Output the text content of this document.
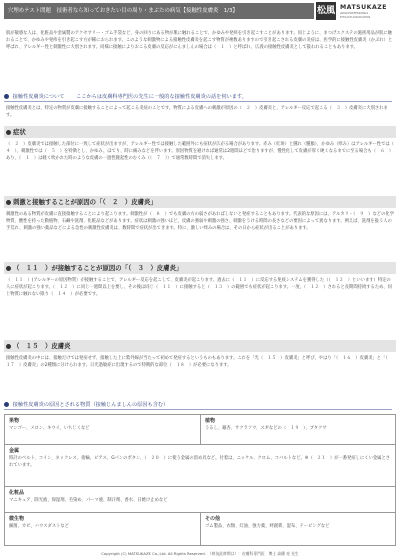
穴埋めテスト問題 技術者なら知っておきたい目の周り・まぶたの病気【接触性皮膚炎　1/3】	松風 MATSUKAZE
JAPAN PROFESSIONAL
EYELASH ASSOCIATION
肌が敏感な人は、化粧品や金属製のアクセサリー・ゴム手袋など、身の回りにある物が肌に触れることで、かゆみや発疹を引き起こすことがあります。同じように、まつげエクステの施術用品が肌に触れることで、かゆみや発疹を引き起こす方が稀におられます。このような刺激物による接触性皮膚炎を起こす物質が複数ありますので引き起こされる皮膚の炎症は、医学的に接触性皮膚炎（かぶれ）と呼ばれ、アレルギー性と刺激性に大別されます。同様に接触によりおこる皮膚の反応がにんましんの場合は（　１　）と呼ばれ、広義の接触性皮膚炎として扱われることもあります。
接触性皮膚炎について ここからは皮膚科専門医の先生に一般的な接触性皮膚炎の話を伺います。
接触性皮膚炎とは、特定の物質が皮膚に接触することによって起こる炎症のことです。物質による皮膚への刺激が原因の（　２　）皮膚炎と、アレルギー反応で起こる（　３　）皮膚炎に大別されます。
症状
（　２　）皮膚炎では接触した部位に一致して症状が出ますが、アレルギー性では接触した範囲外にも症状が広がる場合があります。赤み（紅斑）と腫れ（腫脹）、かゆみ（痒み）はアレルギー性では（　４　）、刺激性では（　５　）を特徴とし、かゆみ、ほてり、時に痛みなどを伴います。原因物質を避ければ通常は2週間ほどで治りますが、慢性化して皮膚が厚く硬くなるまでに至る場合も（　６　）あり、（　１　）は軽く吹かれた時のような皮膚の一過性隆起性のむくみ（（　７　））で通常数時間で消失します。
刺激と接触することが原因の「（　２　）皮膚炎」
刺激性のある物質が皮膚に直接接触することにより起こります。刺激性が（　８　）でも皮膚の方の弱さがあればしないと発症することもあります。代表的な原因には、アルカリ・（　９　）などの化学物質、酸性を持った動植物、石鹸や洗剤、化粧品などがあります。症状は刺激の強いほど、皮膚の強弱や刺激の強さ、刺激をうける時間の長さなどの要因によって異なります。例えば、洗剤を扱う人の手荒れ、刺激の強い薬品などによる急性の刺激性皮膚炎は、数時間で症状が出てきます。特に、激しい痒みの場合は、その日から症状が出ることがあります。
（　１１　）が接触することが原因の「（　３　）皮膚炎」
（　１１　）(アレルギーの原因物質）が接触することで、アレルギー反応を起こして、皮膚炎が起こります。過去に（　１１　）に反応する免疫システムを獲得した（（　１２　）といいます）特定の人に症状が起こります。（　１２　）に同じ一週間以上を要し、その後は同じ（　１１　）に接触すると（　１３　）の範囲でも症状が起こります。一度、（　１２　）されると長期間持続するため、同じ物質に触れない限り（　１４　）が必要です。
（　１５　）皮膚炎
接触性皮膚炎の中には、接触だけでは発症せず、接触した上に紫外線が当たって初めて発症するというものもあります。これを「光（　１５　）皮膚炎」と呼び、やはり「（　１６　）皮膚炎」と「（　１７　）皮膚炎」の2種類に分けられます。日光過敏症に出現するので特徴的な部位（　１８　）が必要になります。
接触性皮膚炎の原因とされる物質（接触じんましんの原因も含む）
果物
マンゴー、メロン、キウイ、いちじくなど
植物
うるし、銀杏、サクラソウ、スギなどの（　１９　）、ブタクサ
金属
時計のベルト、コイン、ネックレス、指輪、ピアス、Gパンのボタン、（　２０　）に使う金属の留め具など。付着は、ニッケル、クロム、コバルトなど。※（　２１　）が一番発症しにくい金属とされています。
化粧品
マニキュア、除光液、保湿剤、毛染め、パーマ液、制汗剤、香水、日焼け止めなど
微生物
細菌、カビ、ハウスダストなど
その他
ゴム製品、衣類、灯油、強力薬、絆創膏、湿布、テーピングなど
Copyright (C) MATSUKAZE Co.,Ltd. All Rights Reserved.　（病気此時期は）：皮膚科専門医　博士 高橋 亮 先生
